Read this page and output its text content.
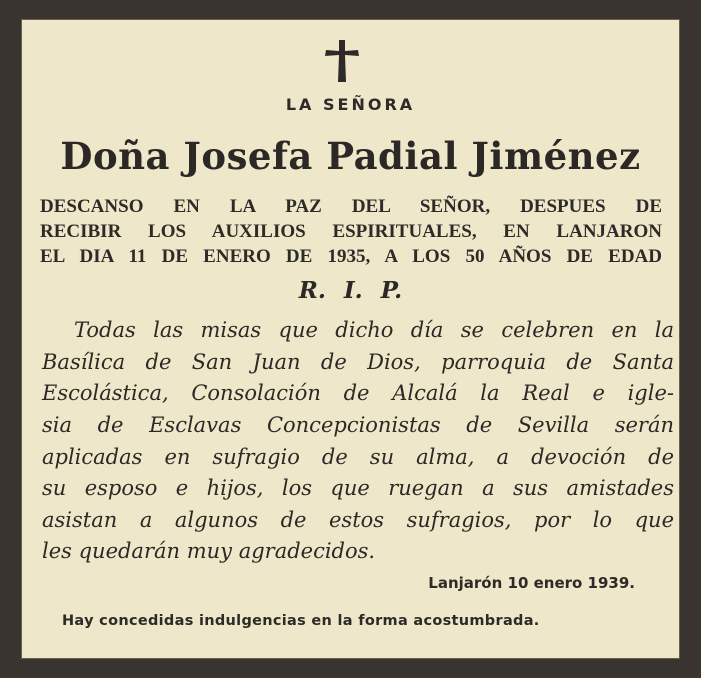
LA SEÑORA
Doña Josefa Padial Jiménez
DESCANSO EN LA PAZ DEL SEÑOR, DESPUES DE
RECIBIR LOS AUXILIOS ESPIRITUALES, EN LANJARON
EL DIA 11 DE ENERO DE 1935, A LOS 50 AÑOS DE EDAD
R. I. P.
Todas las misas que dicho día se celebren en la
Basílica de San Juan de Dios, parroquia de Santa
Escolástica, Consolación de Alcalá la Real e igle-
sia de Esclavas Concepcionistas de Sevilla serán
aplicadas en sufragio de su alma, a devoción de
su esposo e hijos, los que ruegan a sus amistades
asistan a algunos de estos sufragios, por lo que
les quedarán muy agradecidos.
Lanjarón 10 enero 1939.
Hay concedidas indulgencias en la forma acostumbrada.
